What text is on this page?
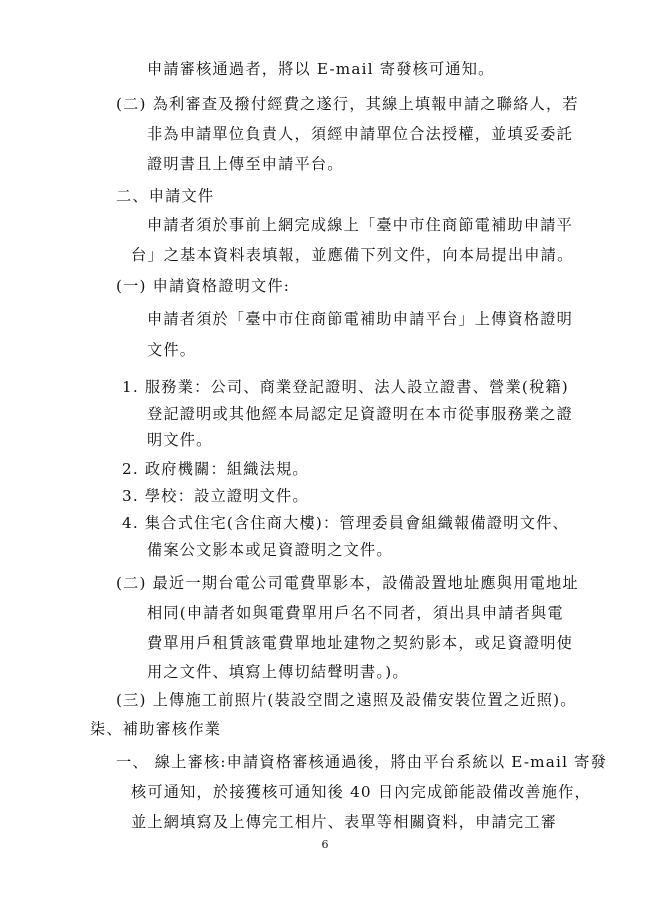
申請審核通過者，將以 E-mail 寄發核可通知。
(二) 為利審查及撥付經費之遂行，其線上填報申請之聯絡人，若
非為申請單位負責人，須經申請單位合法授權，並填妥委託
證明書且上傳至申請平台。
二、申請文件
申請者須於事前上網完成線上「臺中市住商節電補助申請平
台」之基本資料表填報，並應備下列文件，向本局提出申請。
(一) 申請資格證明文件:
申請者須於「臺中市住商節電補助申請平台」上傳資格證明
文件。
1. 服務業：公司、商業登記證明、法人設立證書、營業(稅籍)
登記證明或其他經本局認定足資證明在本市從事服務業之證
明文件。
2. 政府機關：組織法規。
3. 學校：設立證明文件。
4. 集合式住宅(含住商大樓)：管理委員會組織報備證明文件、
備案公文影本或足資證明之文件。
(二) 最近一期台電公司電費單影本，設備設置地址應與用電地址
相同(申請者如與電費單用戶名不同者，須出具申請者與電
費單用戶租賃該電費單地址建物之契約影本，或足資證明使
用之文件、填寫上傳切結聲明書。)。
(三) 上傳施工前照片(裝設空間之遠照及設備安裝位置之近照)。
柒、補助審核作業
一、 線上審核:申請資格審核通過後，將由平台系統以 E-mail 寄發
核可通知，於接獲核可通知後 40 日內完成節能設備改善施作，
並上網填寫及上傳完工相片、表單等相關資料，申請完工審
6
